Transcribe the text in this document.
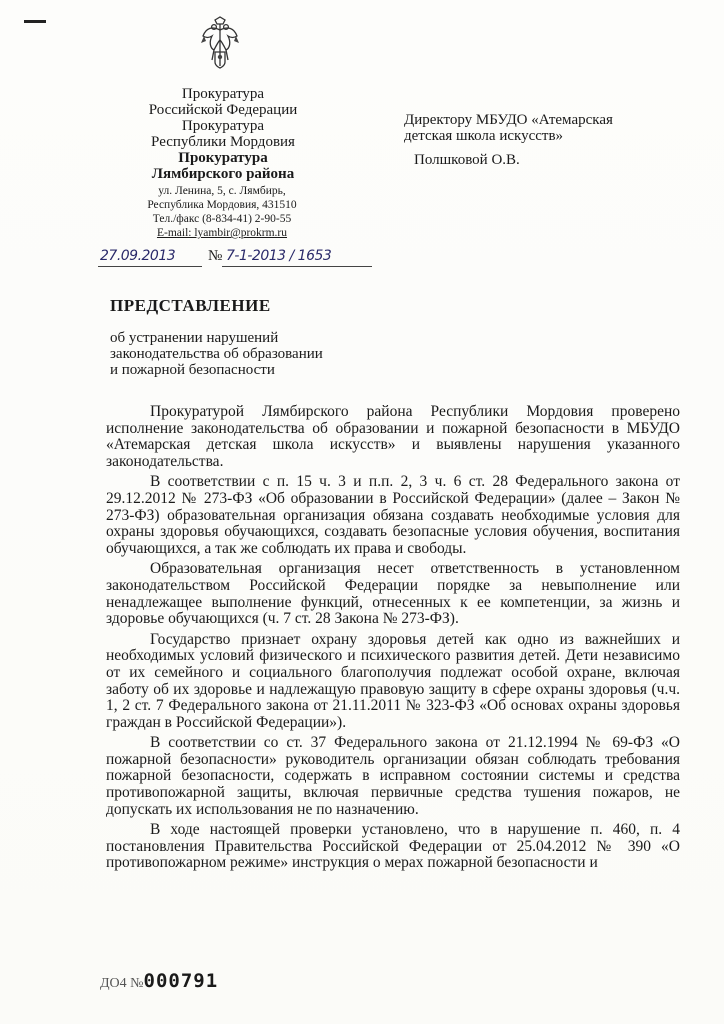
Прокуратура
Российской Федерации
Прокуратура
Республики Мордовия
Прокуратура
Лямбирского района
ул. Ленина, 5, с. Лямбирь,
Республика Мордовия, 431510
Тел./факс (8-834-41) 2-90-55
E-mail: lyambir@prokrm.ru
27.09.2013 № 7-1-2013 / 1653
Директору МБУДО «Атемарская
детская школа искусств»
Полшковой О.В.
ПРЕДСТАВЛЕНИЕ
об устранении нарушений
законодательства об образовании
и пожарной безопасности

Прокуратурой Лямбирского района Республики Мордовия проверено исполнение законодательства об образовании и пожарной безопасности в МБУДО «Атемарская детская школа искусств» и выявлены нарушения указанного законодательства.

В соответствии с п. 15 ч. 3 и п.п. 2, 3 ч. 6 ст. 28 Федерального закона от 29.12.2012 № 273-ФЗ «Об образовании в Российской Федерации» (далее – Закон № 273-ФЗ) образовательная организация обязана создавать необходимые условия для охраны здоровья обучающихся, создавать безопасные условия обучения, воспитания обучающихся, а так же соблюдать их права и свободы.

Образовательная организация несет ответственность в установленном законодательством Российской Федерации порядке за невыполнение или ненадлежащее выполнение функций, отнесенных к ее компетенции, за жизнь и здоровье обучающихся (ч. 7 ст. 28 Закона № 273-ФЗ).

Государство признает охрану здоровья детей как одно из важнейших и необходимых условий физического и психического развития детей. Дети независимо от их семейного и социального благополучия подлежат особой охране, включая заботу об их здоровье и надлежащую правовую защиту в сфере охраны здоровья (ч.ч. 1, 2 ст. 7 Федерального закона от 21.11.2011 № 323-ФЗ «Об основах охраны здоровья граждан в Российской Федерации»).

В соответствии со ст. 37 Федерального закона от 21.12.1994 № 69-ФЗ «О пожарной безопасности» руководитель организации обязан соблюдать требования пожарной безопасности, содержать в исправном состоянии системы и средства противопожарной защиты, включая первичные средства тушения пожаров, не допускать их использования не по назначению.

В ходе настоящей проверки установлено, что в нарушение п. 460, п. 4 постановления Правительства Российской Федерации от 25.04.2012 № 390 «О противопожарном режиме» инструкция о мерах пожарной безопасности и

ДО4 №000791
